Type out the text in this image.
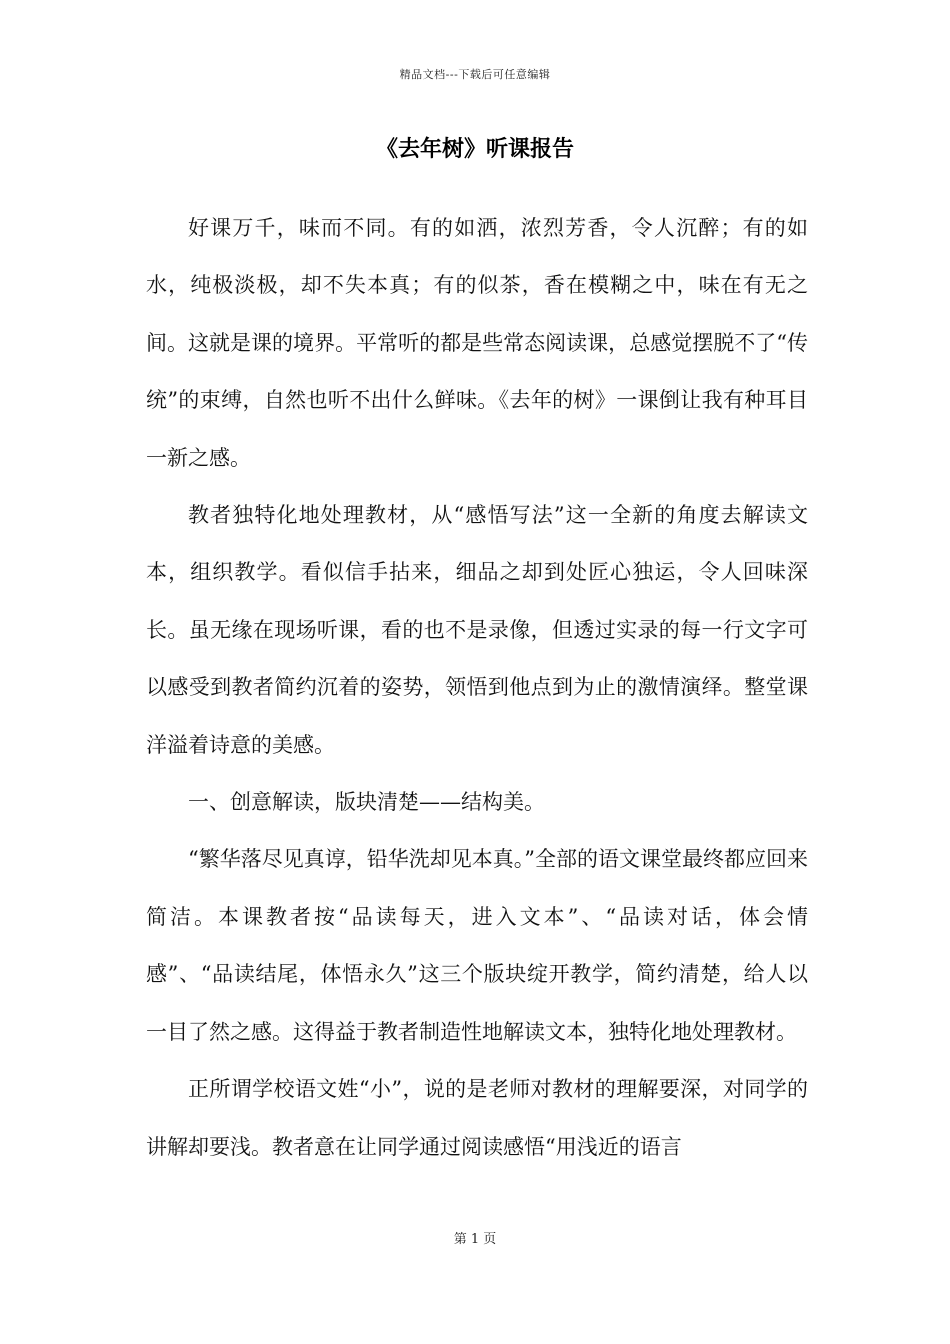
精品文档---下载后可任意编辑
《去年树》听课报告

好课万千，味而不同。有的如洒，浓烈芳香，令人沉醉；有的如水，纯极淡极，却不失本真；有的似茶，香在模糊之中，味在有无之间。这就是课的境界。平常听的都是些常态阅读课，总感觉摆脱不了“传统”的束缚，自然也听不出什么鲜味。《去年的树》一课倒让我有种耳目一新之感。

教者独特化地处理教材，从“感悟写法”这一全新的角度去解读文本，组织教学。看似信手拈来，细品之却到处匠心独运，令人回味深长。虽无缘在现场听课，看的也不是录像，但透过实录的每一行文字可以感受到教者简约沉着的姿势，领悟到他点到为止的激情演绎。整堂课洋溢着诗意的美感。

一、创意解读，版块清楚——结构美。

“繁华落尽见真谆，铅华洗却见本真。”全部的语文课堂最终都应回来简洁。本课教者按“品读每天，进入文本”、“品读对话，体会情感”、“品读结尾，体悟永久”这三个版块绽开教学，简约清楚，给人以一目了然之感。这得益于教者制造性地解读文本，独特化地处理教材。

正所谓学校语文姓“小”，说的是老师对教材的理解要深，对同学的讲解却要浅。教者意在让同学通过阅读感悟“用浅近的语言

第 1 页
